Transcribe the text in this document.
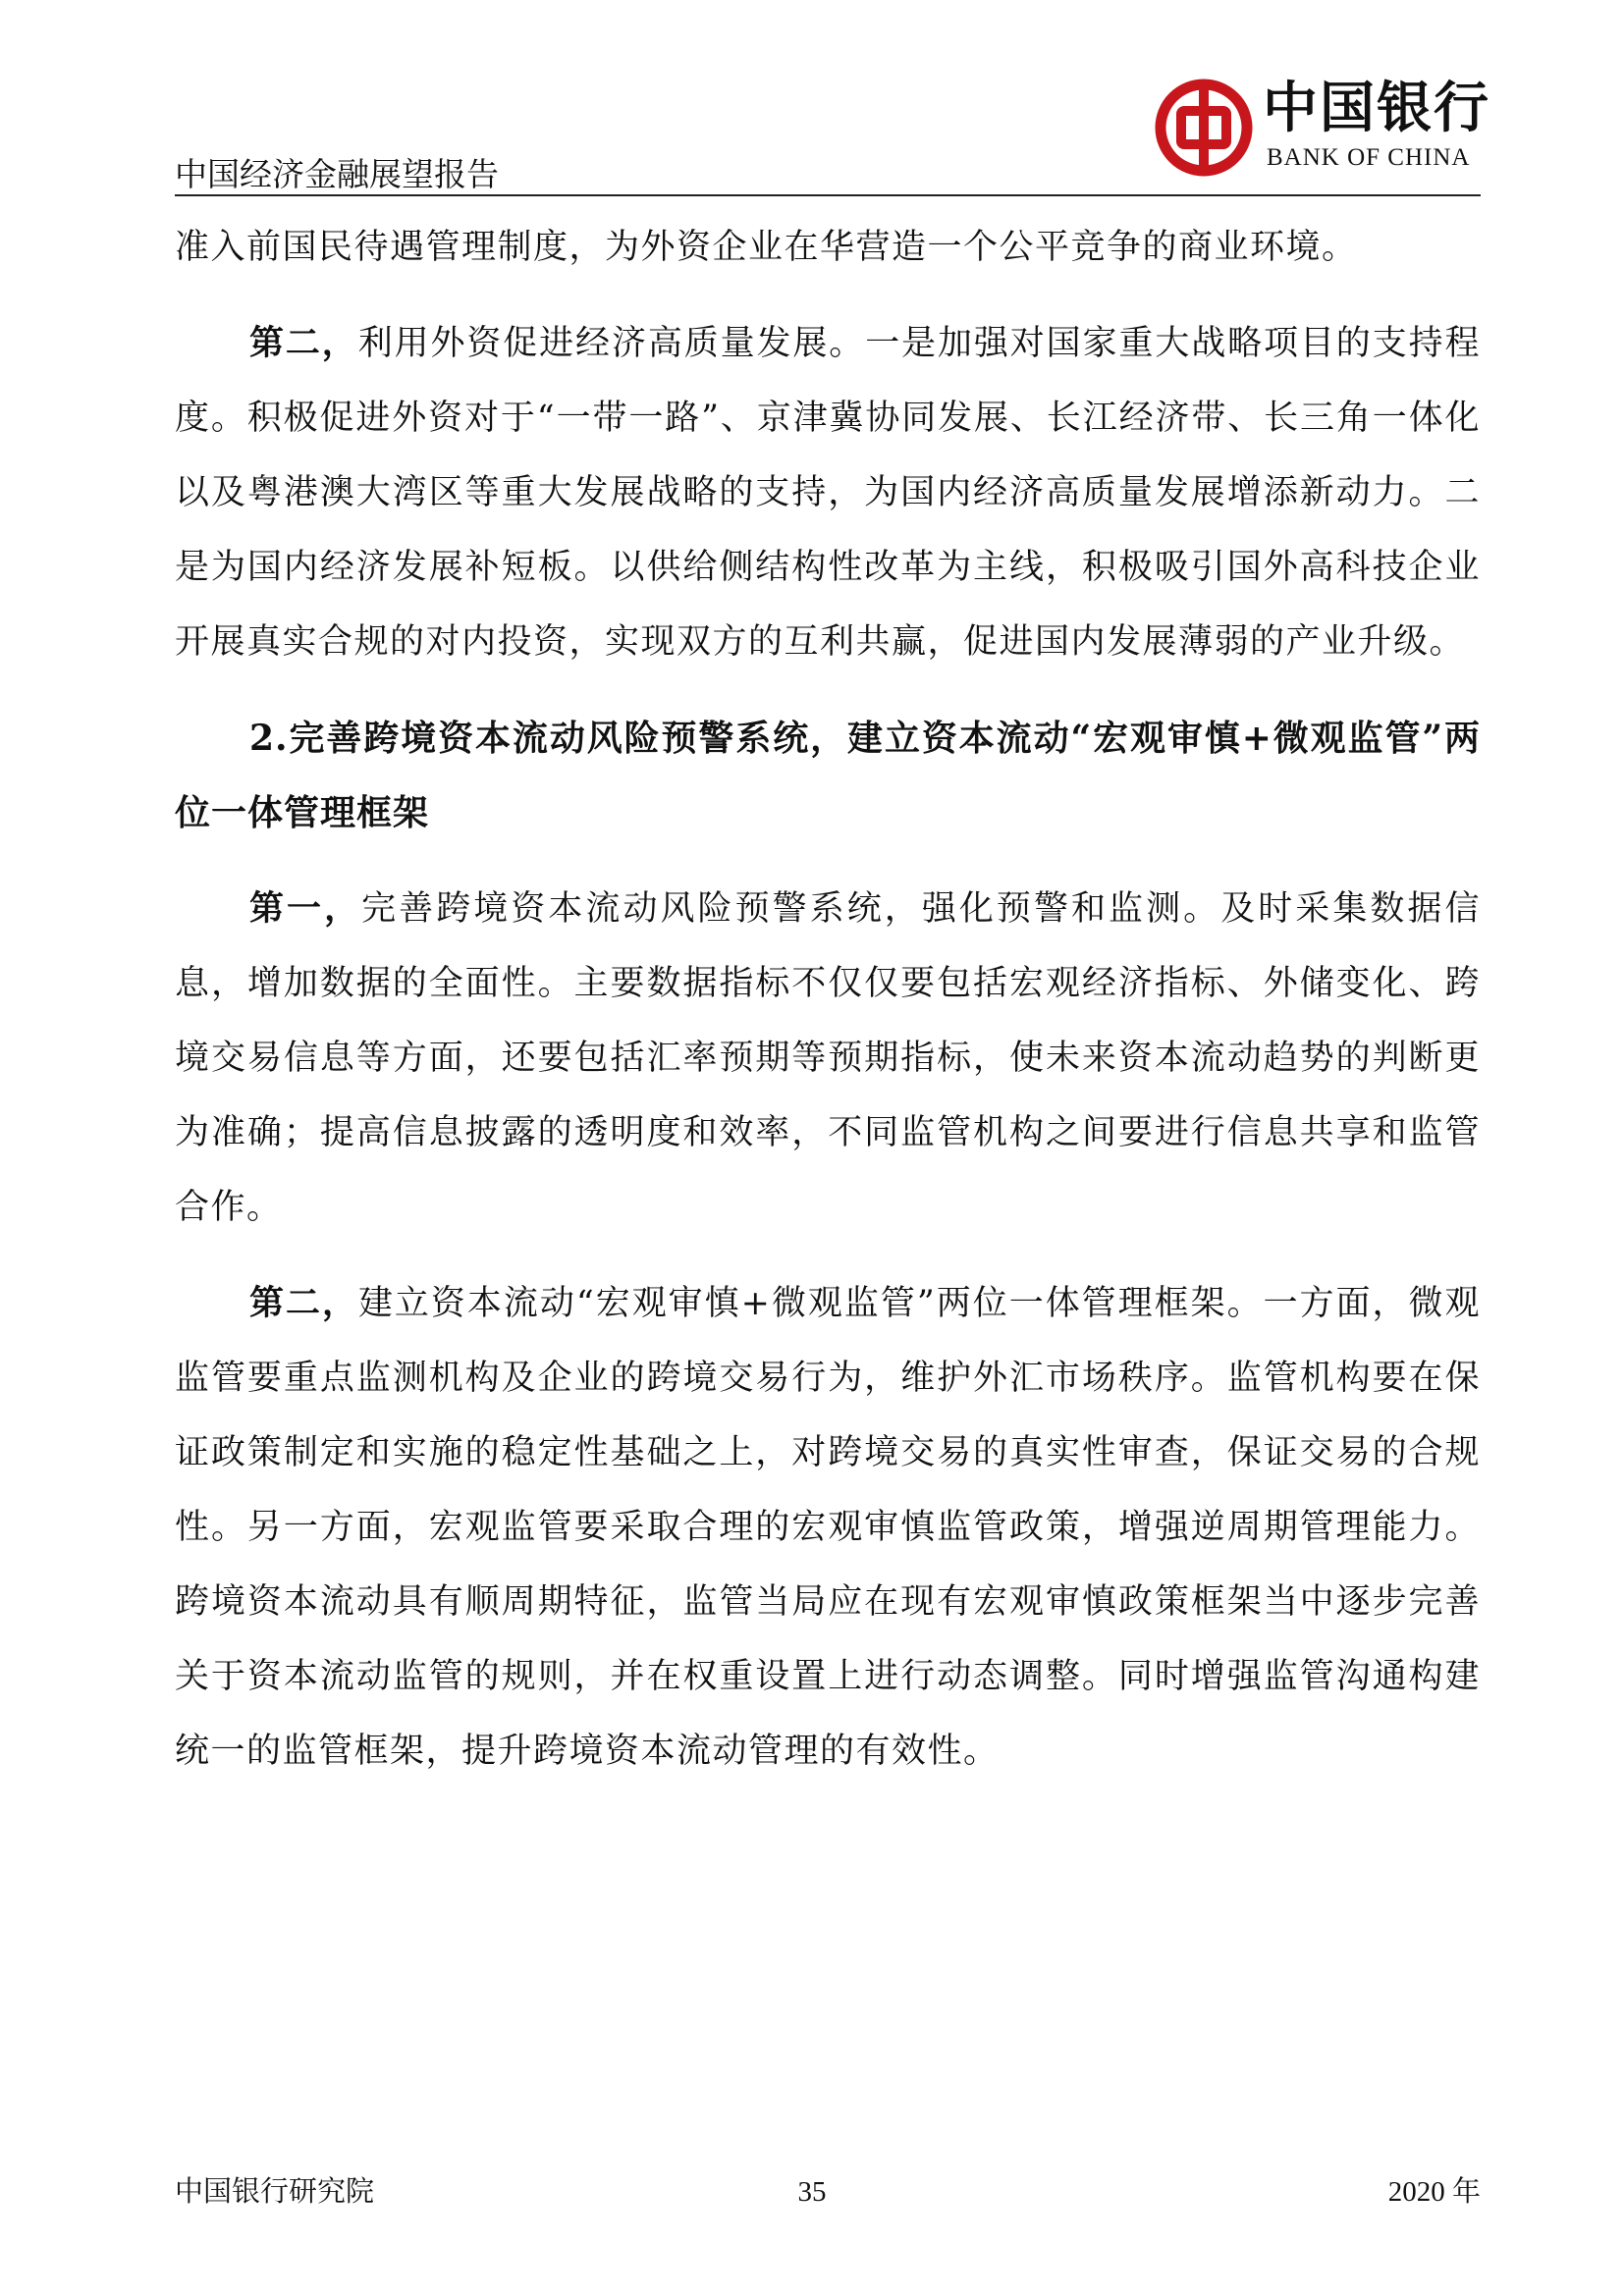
中国经济金融展望报告
中国银行
BANK OF CHINA

准入前国民待遇管理制度，为外资企业在华营造一个公平竞争的商业环境。

第二，利用外资促进经济高质量发展。一是加强对国家重大战略项目的支持程度。积极促进外资对于“一带一路”、京津冀协同发展、长江经济带、长三角一体化以及粤港澳大湾区等重大发展战略的支持，为国内经济高质量发展增添新动力。二是为国内经济发展补短板。以供给侧结构性改革为主线，积极吸引国外高科技企业开展真实合规的对内投资，实现双方的互利共赢，促进国内发展薄弱的产业升级。

2.完善跨境资本流动风险预警系统，建立资本流动“宏观审慎+微观监管”两位一体管理框架

第一，完善跨境资本流动风险预警系统，强化预警和监测。及时采集数据信息，增加数据的全面性。主要数据指标不仅仅要包括宏观经济指标、外储变化、跨境交易信息等方面，还要包括汇率预期等预期指标，使未来资本流动趋势的判断更为准确；提高信息披露的透明度和效率，不同监管机构之间要进行信息共享和监管合作。

第二，建立资本流动“宏观审慎+微观监管”两位一体管理框架。一方面，微观监管要重点监测机构及企业的跨境交易行为，维护外汇市场秩序。监管机构要在保证政策制定和实施的稳定性基础之上，对跨境交易的真实性审查，保证交易的合规性。另一方面，宏观监管要采取合理的宏观审慎监管政策，增强逆周期管理能力。跨境资本流动具有顺周期特征，监管当局应在现有宏观审慎政策框架当中逐步完善关于资本流动监管的规则，并在权重设置上进行动态调整。同时增强监管沟通构建统一的监管框架，提升跨境资本流动管理的有效性。

中国银行研究院	35	2020 年
